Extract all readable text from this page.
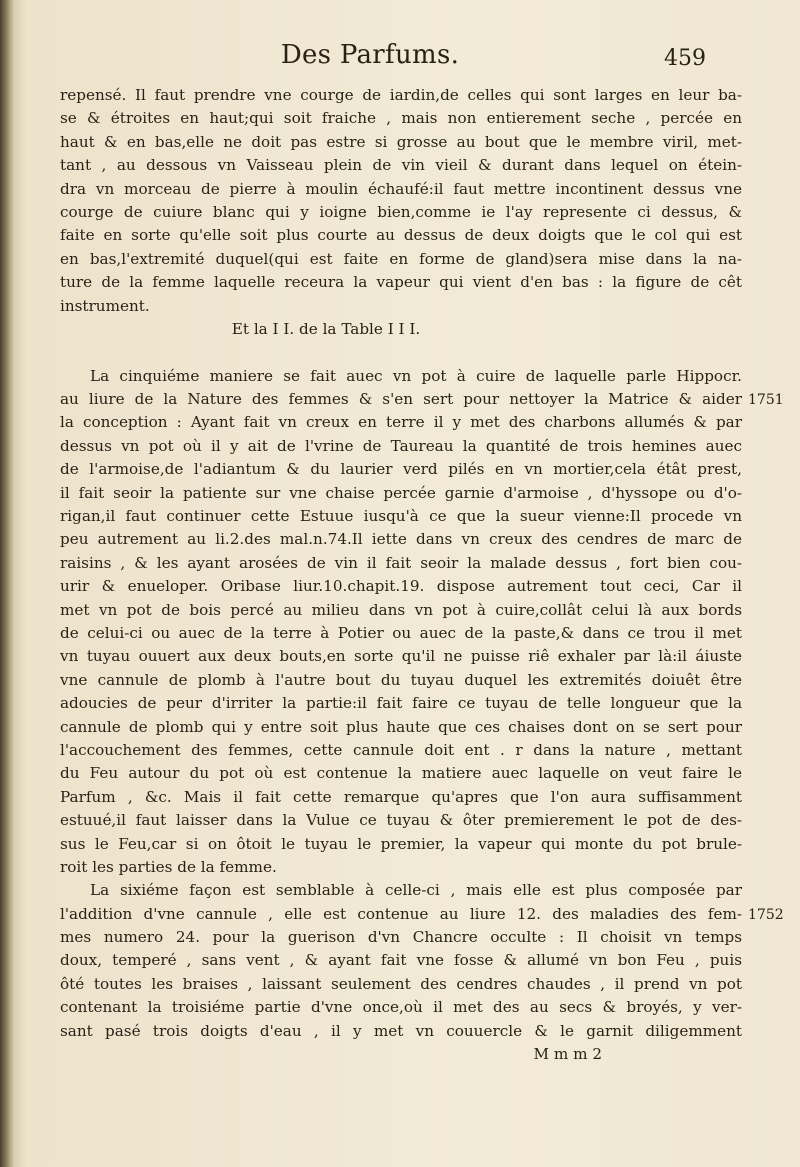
Des Parfums.	459
repensé. Il faut prendre vne courge de iardin,de celles qui sont larges en leur ba-
se & étroites en haut;qui soit fraiche , mais non entierement seche , percée en
haut & en bas,elle ne doit pas estre si grosse au bout que le membre viril, met-
tant , au dessous vn Vaisseau plein de vin vieil & durant dans lequel on étein-
dra vn morceau de pierre à moulin échaufé:il faut mettre incontinent dessus vne
courge de cuiure blanc qui y ioigne bien,comme ie l'ay represente ci dessus, &
faite en sorte qu'elle soit plus courte au dessus de deux doigts que le col qui est
en bas,l'extremité duquel(qui est faite en forme de gland)sera mise dans la na-
ture de la femme laquelle receura la vapeur qui vient d'en bas : la figure de cêt
instrument.
Et la I I. de la Table I I I.
La cinquiéme maniere se fait auec vn pot à cuire de laquelle parle Hippocr.
au liure de la Nature des femmes & s'en sert pour nettoyer la Matrice & aider
la conception : Ayant fait vn creux en terre il y met des charbons allumés & par
dessus vn pot où il y ait de l'vrine de Taureau la quantité de trois hemines auec
de l'armoise,de l'adiantum & du laurier verd pilés en vn mortier,cela étât prest,
il fait seoir la patiente sur vne chaise percée garnie d'armoise , d'hyssope ou d'o-
rigan,il faut continuer cette Estuue iusqu'à ce que la sueur vienne:Il procede vn
peu autrement au li.2.des mal.n.74.Il iette dans vn creux des cendres de marc de
raisins , & les ayant arosées de vin il fait seoir la malade dessus , fort bien cou-
urir & enueloper. Oribase liur.10.chapit.19. dispose autrement tout ceci, Car il
met vn pot de bois percé au milieu dans vn pot à cuire,collât celui là aux bords
de celui-ci ou auec de la terre à Potier ou auec de la paste,& dans ce trou il met
vn tuyau ouuert aux deux bouts,en sorte qu'il ne puisse riê exhaler par là:il áiuste
vne cannule de plomb à l'autre bout du tuyau duquel les extremités doiuêt être
adoucies de peur d'irriter la partie:il fait faire ce tuyau de telle longueur que la
cannule de plomb qui y entre soit plus haute que ces chaises dont on se sert pour
l'accouchement des femmes, cette cannule doit ent . r dans la nature , mettant
du Feu autour du pot où est contenue la matiere auec laquelle on veut faire le
Parfum , &c. Mais il fait cette remarque qu'apres que l'on aura suffisamment
estuué,il faut laisser dans la Vulue ce tuyau & ôter premierement le pot de des-
sus le Feu,car si on ôtoit le tuyau le premier, la vapeur qui monte du pot brule-
roit les parties de la femme.
La sixiéme façon est semblable à celle-ci , mais elle est plus composée par
l'addition d'vne cannule , elle est contenue au liure 12. des maladies des fem-
mes numero 24. pour la guerison d'vn Chancre occulte : Il choisit vn temps
doux, temperé , sans vent , & ayant fait vne fosse & allumé vn bon Feu , puis
ôté toutes les braises , laissant seulement des cendres chaudes , il prend vn pot
contenant la troisiéme partie d'vne once,où il met des au secs & broyés, y ver-
sant pasé trois doigts d'eau , il y met vn couuercle & le garnit diligemment
M m m 2
1751
1752
